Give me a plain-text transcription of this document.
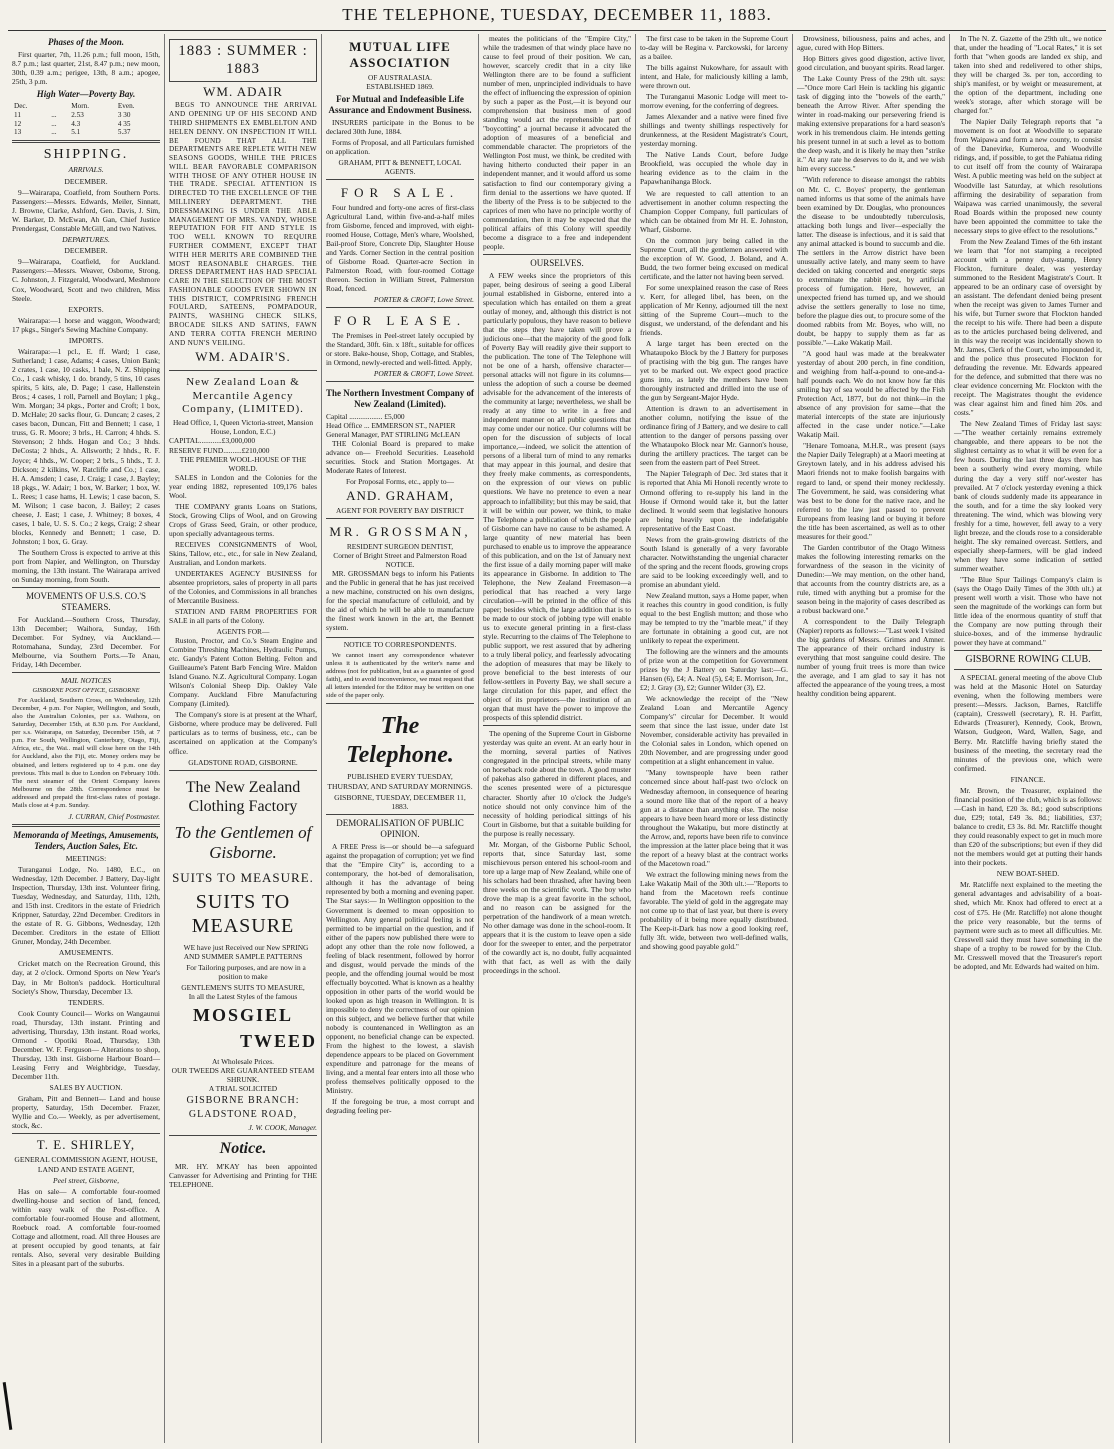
THE TELEPHONE, TUESDAY, DECEMBER 11, 1883.
Phases of the Moon.

First quarter, 7th, 11.26 p.m.; full moon, 15th, 8.7 p.m.; last quarter, 21st, 8.47 p.m.; new moon, 30th, 0.39 a.m.; perigee, 13th, 8 a.m.; apogee, 25th, 3 p.m.

High Water—Poverty Bay.
Dec.		Morn.	Even.
11	...	2.53	3 30
12	...	4.3	4 35
13	...	5.1	5.37
SHIPPING.
ARRIVALS.
DECEMBER.

9—Wairarapa, Coatfield, from Southern Ports. Passengers:—Messrs. Edwards, Meiler, Sinnatt, J. Browne, Clarke, Ashford, Gen. Davis, J. Sim, W. Barker, D. McEwan, Ah Gan, Chief Justice Prendergast, Constable McGill, and two Natives.

DEPARTURES.
DECEMBER.

9—Wairarapa, Coatfield, for Auckland. Passengers:—Messrs. Weaver, Osborne, Strong, C. Johnston, J. Fitzgerald, Woodward, Meshmore Cox, Woodward, Scott and two children, Miss Steele.

EXPORTS.

Wairarapa:—1 horse and waggon, Woodward; 17 pkgs., Singer's Sewing Machine Company.

IMPORTS.

Wairarapa:—1 pcl., E. ff. Ward; 1 case, Sutherland; 1 case, Adams; 4 cases, Union Bank; 2 crates, 1 case, 10 casks, 1 bale, N. Z. Shipping Co., 1 cask whisky, 1 do. brandy, 5 tins, 10 cases spirits, 5 kits, ale, D. Page; 1 case, Hallenstein Bros.; 4 cases, 1 roll, Parnell and Boylan; 1 pkg., Wm. Morgan; 34 pkgs., Porter and Croft; 1 box, D. McHale; 20 sacks flour, G. Duncan; 2 cases, 2 cases bacon, Duncan, Fitt and Bennett; 1 case, 1 truss, G. R. Moore; 3 brls., H. Carron; 4 hhds. S. Stevenson; 2 hhds. Hogan and Co.; 3 hhds. DeCosta; 2 hhds., A. Allsworth; 2 hhds., R. F. Joyce; 4 hhds., W. Cooper; 2 brls., 5 hhds., T. J. Dickson; 2 kilkins, W. Ratcliffe and Co.; 1 case, H. A. Amsden; 1 case, J. Craig; 1 case, J. Bayley; 18 pkgs., W. Adair; 1 box, W. Barker; 1 box, W. L. Rees; 1 case hams, H. Lewis; 1 case bacon, S. M. Wilson; 1 case bacon, J. Bailey; 2 cases cheese, J. East; 1 case, J. Whitney; 8 boxes, 4 cases, 1 bale, U. S. S. Co.; 2 kegs, Craig; 2 shear blocks, Kennedy and Bennett; 1 case, D. Johnston; 1 box, G. Gray.

The Southern Cross is expected to arrive at this port from Napier, and Wellington, on Thursday morning, the 13th instant. The Wairarapa arrived on Sunday morning, from South.

MOVEMENTS OF U.S.S. CO.'S STEAMERS.

For Auckland.—Southern Cross, Thursday, 13th December; Waihora, Sunday, 16th December. For Sydney, via Auckland.—Rotomahana, Sunday, 23rd December. For Melbourne, via Southern Ports.—Te Anau, Friday, 14th December.

MAIL NOTICES
GISBORNE POST OFFICE, GISBORNE

For Auckland, Southern Cross, on Wednesday, 12th December, 4 p.m. For Napier, Wellington, and South, also the Australian Colonies, per s.s. Waihora, on Saturday, December 15th, at 8.30 p.m. For Auckland, per s.s. Wairarapa, on Saturday, December 15th, at 7 p.m. For South, Wellington, Canterbury, Otago, Fiji, Africa, etc., the Wai.. mail will close here on the 14th for Auckland, also the Fiji, etc. Money orders may be obtained, and letters registered up to 4 p.m. one day previous. This mail is due to London on February 10th. The next steamer of the Orient Company leaves Melbourne on the 28th. Correspondence must be addressed and prepaid the first-class rates of postage. Mails close at 4 p.m. Sunday.

J. CURRAN, Chief Postmaster.
Memoranda of Meetings, Amusements, Tenders, Auction Sales, Etc.
MEETINGS:

Turanganui Lodge, No. 1480, E.C., on Wednesday, 12th December. J Battery, Day-light Inspection, Thursday, 13th inst. Volunteer firing, Tuesday, Wednesday, and Saturday, 11th, 12th, and 15th inst. Creditors in the estate of Friedrich Krippner, Saturday, 22nd December. Creditors in the estate of R. G. Gibbons, Wednesday, 12th December. Creditors in the estate of Elliott Gruner, Monday, 24th December.

AMUSEMENTS.

Cricket match on the Recreation Ground, this day, at 2 o'clock. Ormond Sports on New Year's Day, in Mr Bolton's paddock. Horticultural Society's Show, Thursday, December 13.

TENDERS.

Cook County Council— Works on Wangaunui road, Thursday, 13th instant. Printing and advertising, Thursday, 13th instant. Road works, Ormond - Opotiki Road, Thursday, 13th December. W. F. Ferguson— Alterations to shop, Thursday, 13th inst. Gisborne Harbour Board— Leasing Ferry and Weighbridge, Tuesday, December 11th.

SALES BY AUCTION.

Graham, Pitt and Bennett— Land and house property, Saturday, 15th December. Frazer, Wyllie and Co.— Weekly, as per advertisement, stock, &c.

T. E. SHIRLEY,
GENERAL COMMISSION AGENT, HOUSE, LAND AND ESTATE AGENT,
Peel street, Gisborne,

Has on sale— A comfortable four-roomed dwelling-house and section of land, fenced, within easy walk of the Post-office. A comfortable four-roomed House and allotment, Roebuck road. A comfortable four-roomed Cottage and allotment, road. All three Houses are at present occupied by good tenants, at fair rentals. Also, several very desirable Building Sites in a pleasant part of the suburbs.

1883 : SUMMER : 1883
WM. ADAIR

BEGS TO ANNOUNCE THE ARRIVAL AND OPENING UP OF HIS SECOND AND THIRD SHIPMENTS EX EMBLELTON AND HELEN DENNY. ON INSPECTION IT WILL BE FOUND THAT ALL THE DEPARTMENTS ARE REPLETE WITH NEW SEASONS GOODS, WHILE THE PRICES WILL BEAR FAVORABLE COMPARISON WITH THOSE OF ANY OTHER HOUSE IN THE TRADE. SPECIAL ATTENTION IS DIRECTED TO THE EXCELLENCE OF THE MILLINERY DEPARTMENT. THE DRESSMAKING IS UNDER THE ABLE MANAGEMENT OF MRS. VANDY, WHOSE REPUTATION FOR FIT AND STYLE IS TOO WELL KNOWN TO REQUIRE FURTHER COMMENT, EXCEPT THAT WITH HER MERITS ARE COMBINED THE MOST REASONABLE CHARGES. THE DRESS DEPARTMENT HAS HAD SPECIAL CARE IN THE SELECTION OF THE MOST FASHIONABLE GOODS EVER SHOWN IN THIS DISTRICT, COMPRISING FRENCH FOULARD, SATEENS, POMPADOUR, PAINTS, WASHING CHECK SILKS, BROCADE SILKS AND SATINS, FAWN AND TERRA COTTA FRENCH MERINO AND NUN'S VEILING.

WM. ADAIR'S.
New Zealand Loan & Mercantile Agency Company, (LIMITED).
Head Office, 1, Queen Victoria-street, Mansion House, London, E.C.)
CAPITAL............£3,000,000
RESERVE FUND..........£210,000
THE PREMIER WOOL-HOUSE OF THE WORLD.

SALES in London and the Colonies for the year ending 1882, represented 109,176 bales Wool.

THE COMPANY grants Loans on Stations, Stock, Growing Clips of Wool, and on Growing Crops of Grass Seed, Grain, or other produce, upon specially advantageous terms.

RECEIVES CONSIGNMENTS of Wool, Skins, Tallow, etc., etc., for sale in New Zealand, Australian, and London markets.

UNDERTAKES AGENCY BUSINESS for absentee proprietors, sales of property in all parts of the Colonies, and Commissions in all branches of Mercantile Business.

STATION AND FARM PROPERTIES FOR SALE in all parts of the Colony.

AGENTS FOR—

Ruston, Proctor, and Co.'s Steam Engine and Combine Threshing Machines, Hydraulic Pumps, etc. Gandy's Patent Cotton Belting. Felton and Guilleaume's Patent Barb Fencing Wire. Maldon Island Guano. N.Z. Agricultural Company. Logan Wilson's Colonial Sheep Dip. Oakley Vale Company. Auckland Fibre Manufacturing Company (Limited).

The Company's store is at present at the Wharf, Gisborne, where produce may be delivered. Full particulars as to terms of business, etc., can be ascertained on application at the Company's office.

GLADSTONE ROAD, GISBORNE.
The New Zealand Clothing Factory
To the Gentlemen of Gisborne.
SUITS TO MEASURE.
SUITS TO MEASURE

WE have just Received our New SPRING AND SUMMER SAMPLE PATTERNS

For Tailoring purposes, and are now in a position to make

GENTLEMEN'S SUITS TO MEASURE,
In all the Latest Styles of the famous
MOSGIEL
TWEED
At Wholesale Prices.
OUR TWEEDS ARE GUARANTEED STEAM SHRUNK.
A TRIAL SOLICITED
GISBORNE BRANCH:
GLADSTONE ROAD,
J. W. COOK, Manager.
Notice.

MR. HY. M'KAY has been appointed Canvasser for Advertising and Printing for THE TELEPHONE.

MUTUAL LIFE ASSOCIATION
OF AUSTRALASIA.
ESTABLISHED 1869.
For Mutual and Indefeasible Life Assurance and Endowment Business.

INSURERS participate in the Bonus to be declared 30th June, 1884.

Forms of Proposal, and all Particulars furnished on application.

GRAHAM, PITT & BENNETT, LOCAL AGENTS.
FOR SALE.

Four hundred and forty-one acres of first-class Agricultural Land, within five-and-a-half miles from Gisborne, fenced and improved, with eight-roomed House, Cottage, Men's whare, Woolshed, Bail-proof Store, Concrete Dip, Slaughter House and Yards. Corner Section in the central position of Gisborne Road. Quarter-acre Section in Palmerston Road, with four-roomed Cottage thereon. Section in William Street, Palmerston Road, fenced.

PORTER & CROFT, Lowe Street.
FOR LEASE.

The Premises in Peel-street lately occupied by the Standard, 30ft. 6in. x 18ft., suitable for offices or store. Bake-house, Shop, Cottage, and Stables, in Ormond, newly-erected and well-fitted. Apply,

PORTER & CROFT, Lowe Street.
The Northern Investment Company of New Zealand (Limited).
Capital .................. £5,000
Head Office ... EMMERSON ST., NAPIER
General Manager, PAT STIRLING McLEAN

THE Colonial Board is prepared to make advance on— Freehold Securities. Leasehold securities. Stock and Station Mortgages. At Moderate Rates of Interest.

For Proposal Forms, etc., apply to—
AND. GRAHAM,
AGENT FOR POVERTY BAY DISTRICT
MR. GROSSMAN,
RESIDENT SURGEON DENTIST,
Corner of Bright Street and Palmerston Road
NOTICE.

MR. GROSSMAN begs to inform his Patients and the Public in general that he has just received a new machine, constructed on his own designs, for the special manufacture of celluloid, and by the aid of which he will be able to manufacture the finest work known in the art, the Bennett system.

NOTICE TO CORRESPONDENTS.

We cannot insert any correspondence whatever unless it is authenticated by the writer's name and address (not for publication, but as a guarantee of good faith), and to avoid inconvenience, we must request that all letters intended for the Editor may be written on one side of the paper only.

The Telephone.
PUBLISHED EVERY TUESDAY, THURSDAY, AND SATURDAY MORNINGS.
GISBORNE, TUESDAY, DECEMBER 11, 1883.
DEMORALISATION OF PUBLIC OPINION.

A FREE Press is—or should be—a safeguard against the propagation of corruption; yet we find that the "Empire City" is, according to a contemporary, the hot-bed of demoralisation, although it has the advantage of being represented by both a morning and evening paper. The Star says:— In Wellington opposition to the Government is deemed to mean opposition to Wellington. Any general political feeling is not permitted to be impartial on the question, and if either of the papers now published there were to adopt any other than the role now followed, a feeling of black resentment, followed by horror and disgust, would pervade the minds of the people, and the offending journal would be most effectually boycotted. What is known as a healthy opposition in other parts of the world would be looked upon as high treason in Wellington. It is impossible to deny the correctness of our opinion on this subject, and we believe further that while nobody is countenanced in Wellington as an opponent, no beneficial change can be expected. From the highest to the lowest, a slavish dependence appears to be placed on Government expenditure and patronage for the means of living, and a mental fear enters into all those who profess themselves politically opposed to the Ministry.

If the foregoing be true, a most corrupt and degrading feeling per-

meates the politicians of the "Empire City," while the tradesmen of that windy place have no cause to feel proud of their position. We can, however, scarcely credit that in a city like Wellington there are to be found a sufficient number of men, unprincipled individuals to have the effect of influencing the expression of opinion by such a paper as the Post,—it is beyond our comprehension that business men of good standing would act the reprehensible part of "boycotting" a journal because it advocated the adoption of measures of a beneficial and commendable character. The proprietors of the Wellington Post must, we think, be credited with having hitherto conducted their paper in an independent manner, and it would afford us some satisfaction to find our contemporary giving a firm denial to the assertions we have quoted. If the liberty of the Press is to be subjected to the caprices of men who have no principle worthy of commendation, then it may be expected that the political affairs of this Colony will speedily become a disgrace to a free and independent people.

OURSELVES.

A FEW weeks since the proprietors of this paper, being desirous of seeing a good Liberal journal established in Gisborne, entered into a speculation which has entailed on them a great outlay of money, and, although this district is not particularly populous, they have reason to believe that the steps they have taken will prove a judicious one—that the majority of the good folk of Poverty Bay will readily give their support to the publication. The tone of The Telephone will not be one of a harsh, offensive character—personal attacks will not figure in its columns—unless the adoption of such a course be deemed advisable for the advancement of the interests of the community at large; nevertheless, we shall be ready at any time to write in a free and independent manner on all public questions that may come under our notice. Our columns will be open for the discussion of subjects of local importance,—indeed, we solicit the attention of persons of a liberal turn of mind to any remarks that may appear in this journal, and desire that they freely make comments, as correspondents, on the expression of our views on public questions. We have no pretence to even a near approach to infallibility; but this may be said, that it will be within our power, we think, to make The Telephone a publication of which the people of Gisborne can have no cause to be ashamed. A large quantity of new material has been purchased to enable us to improve the appearance of this publication, and on the 1st of January next the first issue of a daily morning paper will make its appearance in Gisborne. In addition to The Telephone, the New Zealand Freemason—a periodical that has reached a very large circulation—will be printed in the office of this paper; besides which, the large addition that is to be made to our stock of jobbing type will enable us to execute general printing in a first-class style. Recurring to the claims of The Telephone to public support, we rest assured that by adhering to a truly liberal policy, and fearlessly advocating the adoption of measures that may be likely to prove beneficial to the best interests of our fellow-settlers in Poverty Bay, we shall secure a large circulation for this paper, and effect the object of its proprietors—the institution of an organ that must have the power to improve the prospects of this splendid district.

The opening of the Supreme Court in Gisborne yesterday was quite an event. At an early hour in the morning, several parties of Natives congregated in the principal streets, while many on horseback rode about the town. A good muster of pakehas also gathered in different places, and the scenes presented were of a picturesque character. Shortly after 10 o'clock the Judge's notice should not only convince him of the necessity of holding periodical sittings of his Court in Gisborne, but that a suitable building for the purpose is really necessary.

Mr. Morgan, of the Gisborne Public School, reports that, since Saturday last, some mischievous person entered his school-room and tore up a large map of New Zealand, while one of his scholars had been thrashed, after having been three weeks on the scientific work. The boy who drove the map is a great favorite in the school, and no reason can be assigned for the perpetration of the handiwork of a mean wretch. No other damage was done in the school-room. It appears that it is the custom to leave open a side door for the sweeper to enter, and the perpetrator of the cowardly act is, no doubt, fully acquainted with that fact, as well as with the daily proceedings in the school.

The first case to be taken in the Supreme Court to-day will be Regina v. Parckowski, for larceny as a bailee.

The bills against Nukowhare, for assault with intent, and Hale, for maliciously killing a lamb, were thrown out.

The Turanganui Masonic Lodge will meet to-morrow evening, for the conferring of degrees.

James Alexander and a native were fined five shillings and twenty shillings respectively for drunkenness, at the Resident Magistrate's Court, yesterday morning.

The Native Lands Court, before Judge Brookfield, was occupied the whole day in hearing evidence as to the claim in the Papawhanihanga Block.

We are requested to call attention to an advertisement in another column respecting the Champion Copper Company, full particulars of which can be obtained from Mr H. E. Johnston, Wharf, Gisborne.

On the common jury being called in the Supreme Court, all the gentlemen answered with the exception of W. Good, J. Boland, and A. Budd, the two former being excused on medical certificate, and the latter not having been served.

For some unexplained reason the case of Rees v. Kerr, for alleged libel, has been, on the application of Mr Kenny, adjourned till the next sitting of the Supreme Court—much to the disgust, we understand, of the defendant and his friends.

A large target has been erected on the Whataupoko Block by the J Battery for purposes of practising with the big gun. The ranges have yet to be marked out. We expect good practice guns into, as lately the members have been thoroughly instructed and drilled into the use of the gun by Sergeant-Major Hyde.

Attention is drawn to an advertisement in another column, notifying the issue of the ordinance firing of J Battery, and we desire to call attention to the danger of persons passing over the Whataupoko Block near Mr. Gannon's house, during the artillery practices. The target can be seen from the eastern part of Peel Street.

The Napier Telegraph of Dec. 3rd states that it is reported that Ahia Mi Honoli recently wrote to Ormond offering to re-supply his land in the House if Ormond would take it, but the latter declined. It would seem that legislative honours are being heavily upon the indefatigable representative of the East Coast.

News from the grain-growing districts of the South Island is generally of a very favorable character. Notwithstanding the ungenial character of the spring and the recent floods, growing crops are said to be looking exceedingly well, and to promise an abundant yield.

New Zealand mutton, says a Home paper, when it reaches this country in good condition, is fully equal to the best English mutton; and those who may be tempted to try the "marble meat," if they are fortunate in obtaining a good cut, are not unlikely to repeat the experiment.

The following are the winners and the amounts of prize won at the competition for Government prizes by the J Battery on Saturday last:—G. Hansen (6), £4; A. Neal (5), £4; E. Morrison, Jnr., £2; J. Gray (3), £2; Gunner Wilder (3), £2.

We acknowledge the receipt of the "New Zealand Loan and Mercantile Agency Company's" circular for December. It would seem that since the last issue, under date 1st November, considerable activity has prevailed in the Colonial sales in London, which opened on 20th November, and are progressing under good competition at a slight enhancement in value.

"Many townspeople have been rather concerned since about half-past two o'clock on Wednesday afternoon, in consequence of hearing a sound more like that of the report of a heavy gun at a distance than anything else. The noise appears to have been heard more or less distinctly throughout the Wakatipu, but more distinctly at the Arrow, and, reports have been rife to convince the impression at the latter place being that it was the report of a heavy blast at the contract works of the Macetown road."

We extract the following mining news from the Lake Wakatip Mail of the 30th ult.:—"Reports to hand from the Macetown reefs continue favorable. The yield of gold in the aggregate may not come up to that of last year, but there is every probability of it being more equally distributed. The Keep-it-Dark has now a good looking reef, fully 3ft. wide, between two well-defined walls, and showing good payable gold."

Drowsiness, biliousness, pains and aches, and ague, cured with Hop Bitters.

Hop Bitters gives good digestion, active liver, good circulation, and buoyant spirits. Read larger.

The Lake County Press of the 29th ult. says:—"Once more Carl Hein is tackling his gigantic task of digging into the "bowels of the earth," beneath the Arrow River. After spending the winter in road-making our persevering friend is making extensive preparations for a hard season's work in his tremendous claim. He intends getting his present tunnel in at such a level as to bottom the deep wash, and it is likely he may then "strike it." At any rate he deserves to do it, and we wish him every success."

"With reference to disease amongst the rabbits on Mr. C. C. Boyes' property, the gentleman named informs us that some of the animals have been examined by Dr. Douglas, who pronounces the disease to be undoubtedly tuberculosis, attacking both lungs and liver—especially the latter. The disease is infectious, and it is said that any animal attacked is bound to succumb and die. The settlers in the Arrow district have been unusually active lately, and many seem to have decided on taking concerted and energetic steps to exterminate the rabbit pest, by artificial process of fumigation. Here, however, an unexpected friend has turned up, and we should advise the settlers generally to lose no time, before the plague dies out, to procure some of the doomed rabbits from Mr. Boyes, who will, no doubt, be happy to supply them as far as possible."—Lake Wakatip Mail.

"A good haul was made at the breakwater yesterday of about 200 perch, in fine condition, and weighing from half-a-pound to one-and-a-half pounds each. We do not know how far this smiling bay of sea would be affected by the Fish Protection Act, 1877, but do not think—in the absence of any provision for same—that the material intercepts of the state are injuriously affected in the case under notice."—Lake Wakatip Mail.

"Henare Tomoana, M.H.R., was present (says the Napier Daily Telegraph) at a Maori meeting at Greytown lately, and in his address advised his Maori friends not to make foolish bargains with regard to land, or spend their money recklessly. The Government, he said, was considering what was best to be done for the native race, and he referred to the law just passed to prevent Europeans from leasing land or buying it before the title has been ascertained, as well as to other measures for their good."

The Garden contributor of the Otago Witness makes the following interesting remarks on the forwardness of the season in the vicinity of Dunedin:—We may mention, on the other hand, that accounts from the country districts are, as a rule, timed with anything but a promise for the season being in the majority of cases described as a robust backward one."

A correspondent to the Daily Telegraph (Napier) reports as follows:—"Last week I visited the big gardens of Messrs. Grimes and Amner. The appearance of their orchard industry is everything that most sanguine could desire. The number of young fruit trees is more than twice the average, and I am glad to say it has not affected the appearance of the young trees, a most healthy condition being apparent.

In The N. Z. Gazette of the 29th ult., we notice that, under the heading of "Local Rates," it is set forth that "when goods are landed ex ship, and taken into shed and redelivered to other ships, they will be charged 3s. per ton, according to ship's manifest, or by weight or measurement, at the option of the department, including one week's storage, after which storage will be charged for."

The Napier Daily Telegraph reports that "a movement is on foot at Woodville to separate from Waipawa and form a new county, to consist of the Danevirke, Kumeroa, and Woodville ridings, and, if possible, to get the Pahiatua riding to cut itself off from the county of Wairarapa West. A public meeting was held on the subject at Woodville last Saturday, at which resolutions affirming the desirability of separation from Waipawa was carried unanimously, the several Road Boards within the proposed new county have been appointed the committee to take the necessary steps to give effect to the resolutions."

From the New Zealand Times of the 6th instant we learn that "for not stamping a receipted account with a penny duty-stamp, Henry Flockton, furniture dealer, was yesterday summoned to the Resident Magistrate's Court. It appeared to be an ordinary case of oversight by an assistant. The defendant denied being present when the receipt was given to James Turner and his wife, but Turner swore that Flockton handed the receipt to his wife. There had been a dispute as to the articles purchased being delivered, and in this way the receipt was incidentally shown to Mr. James, Clerk of the Court, who impounded it, and the police thus prosecuted Flockton for defrauding the revenue. Mr. Edwards appeared for the defence, and submitted that there was no clear evidence concerning Mr. Flockton with the receipt. The Magistrates thought the evidence was clear against him and fined him 20s. and costs."

The New Zealand Times of Friday last says:—"The weather certainly remains extremely changeable, and there appears to be not the slightest certainty as to what it will be even for a few hours. During the last three days there has been a southerly wind every morning, while during the day a very stiff nor'-wester has prevailed. At 7 o'clock yesterday evening a thick bank of clouds suddenly made its appearance in the south, and for a time the sky looked very threatening. The wind, which was blowing very freshly for a time, however, fell away to a very light breeze, and the clouds rose to a considerable height. The sky remained overcast. Settlers, and especially sheep-farmers, will be glad indeed when they have some indication of settled summer weather.

"The Blue Spur Tailings Company's claim is (says the Otago Daily Times of the 30th ult.) at present well worth a visit. Those who have not seen the magnitude of the workings can form but little idea of the enormous quantity of stuff that the Company are now putting through their sluice-boxes, and of the immense hydraulic power they have at command."

GISBORNE ROWING CLUB.

A SPECIAL general meeting of the above Club was held at the Masonic Hotel on Saturday evening, when the following members were present:—Messrs. Jackson, Barnes, Ratcliffe (captain), Cresswell (secretary), R. H. Parfitt, Edwards (Treasurer), Kennedy, Cook, Brown, Watson, Gudgeon, Ward, Wallen, Sage, and Berry. Mr. Ratcliffe having briefly stated the business of the meeting, the secretary read the minutes of the previous one, which were confirmed.

FINANCE.

Mr. Brown, the Treasurer, explained the financial position of the club, which is as follows:—Cash in hand, £20 3s. 8d.; good subscriptions due, £29; total, £49 3s. 8d.; liabilities, £37; balance to credit, £3 3s. 8d. Mr. Ratcliffe thought they could reasonably expect to get in much more than £20 of the subscriptions; but even if they did not the members would get at putting their hands into their pockets.

NEW BOAT-SHED.

Mr. Ratcliffe next explained to the meeting the general advantages and advisability of a boat-shed, which Mr. Knox had offered to erect at a cost of £75. He (Mr. Ratcliffe) not alone thought the price very reasonable, but the terms of payment were such as to meet all difficulties. Mr. Cresswell said they must have something in the shape of a trophy to be rowed for by the Club. Mr. Cresswell moved that the Treasurer's report be adopted, and Mr. Edwards had waited on him.
